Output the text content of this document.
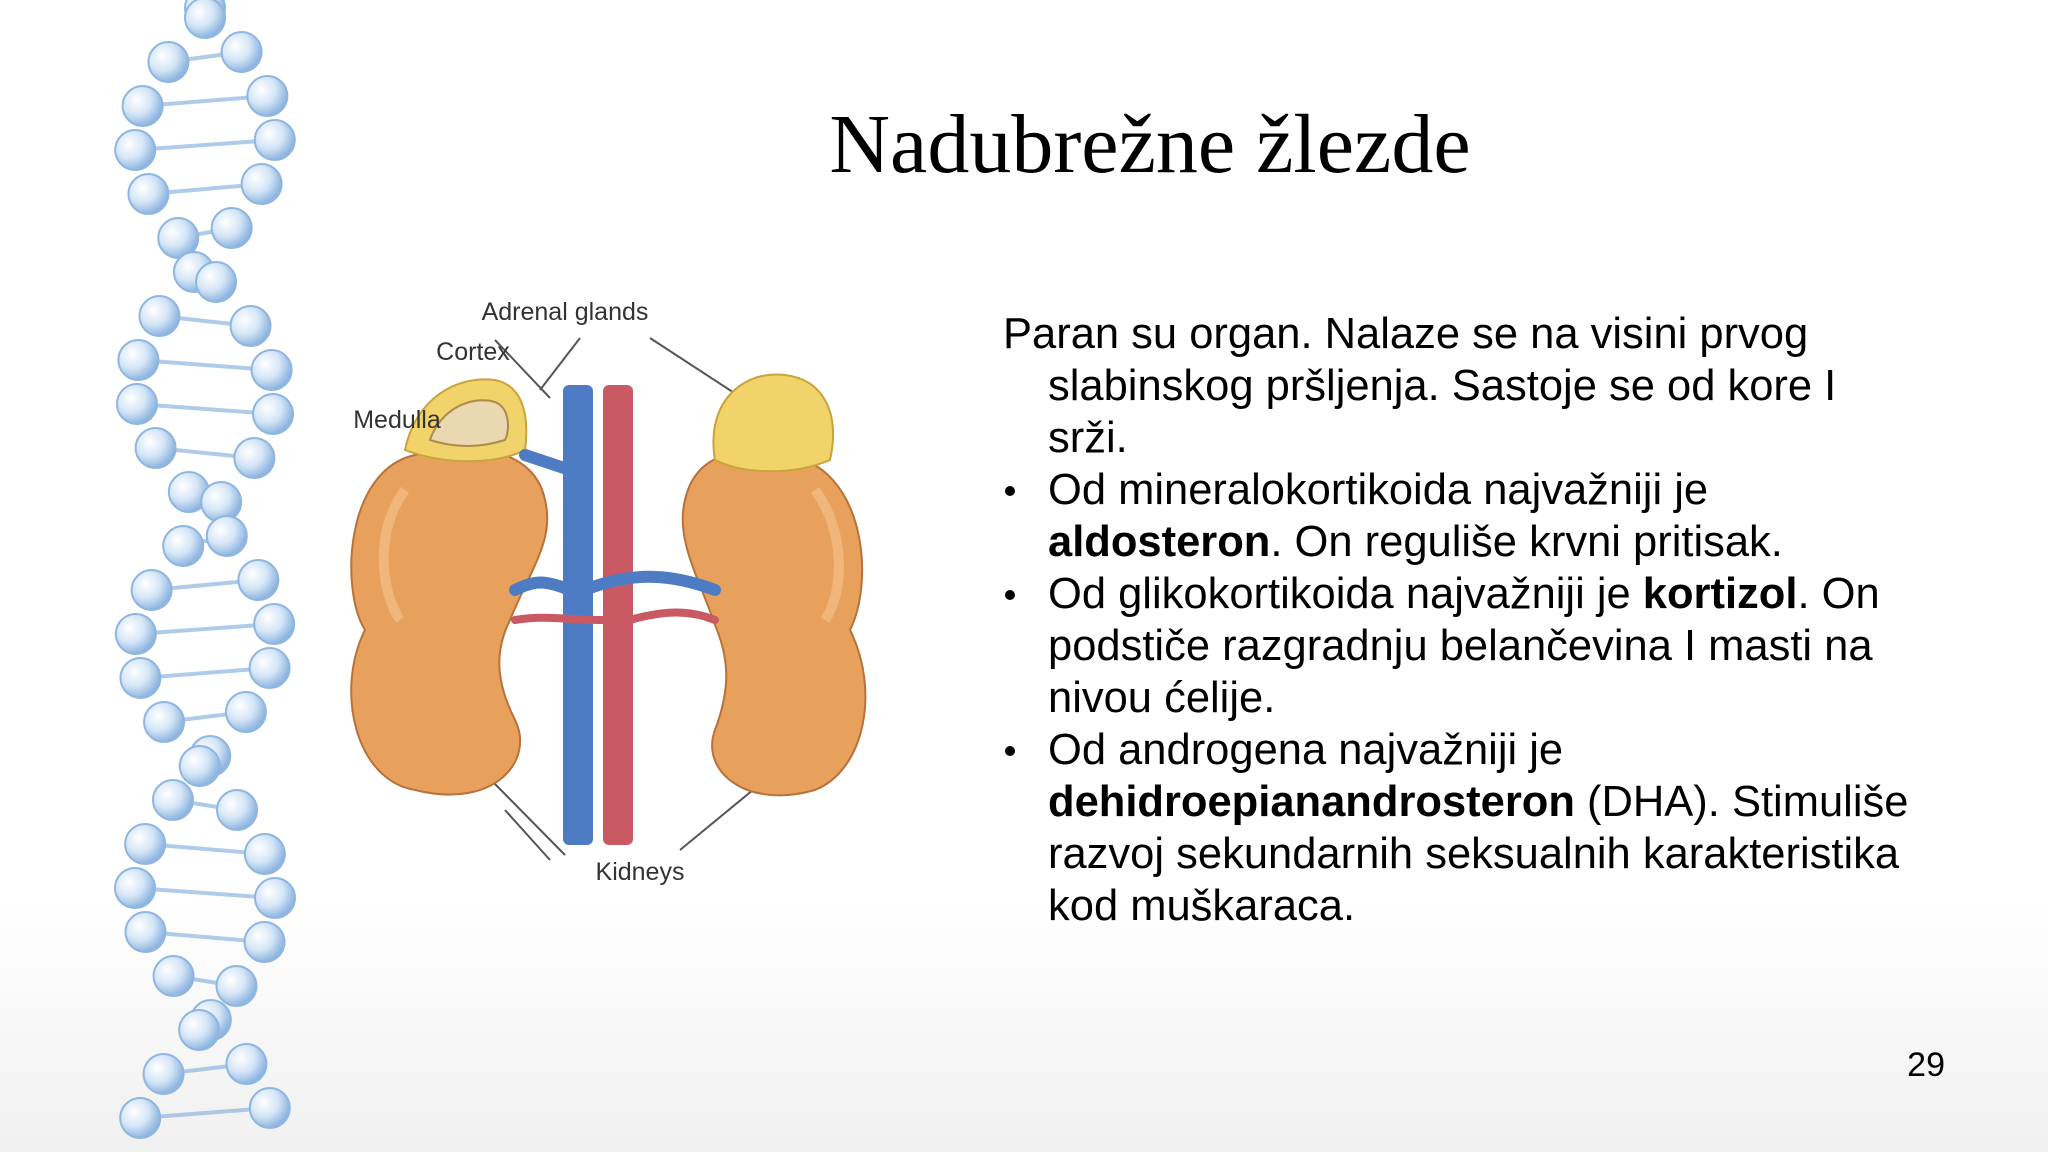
Nadubrežne žlezde
Adrenal glands
Cortex
Medulla
Kidneys

Paran su organ. Nalaze se na visini prvog slabinskog pršljenja. Sastoje se od kore I srži.

Od mineralokortikoida najvažniji je aldosteron. On reguliše krvni pritisak.
Od glikokortikoida najvažniji je kortizol. On podstiče razgradnju belančevina I masti na nivou ćelije.
Od androgena najvažniji je dehidroepianandrosteron (DHA). Stimuliše razvoj sekundarnih seksualnih karakteristika kod muškaraca.
29
